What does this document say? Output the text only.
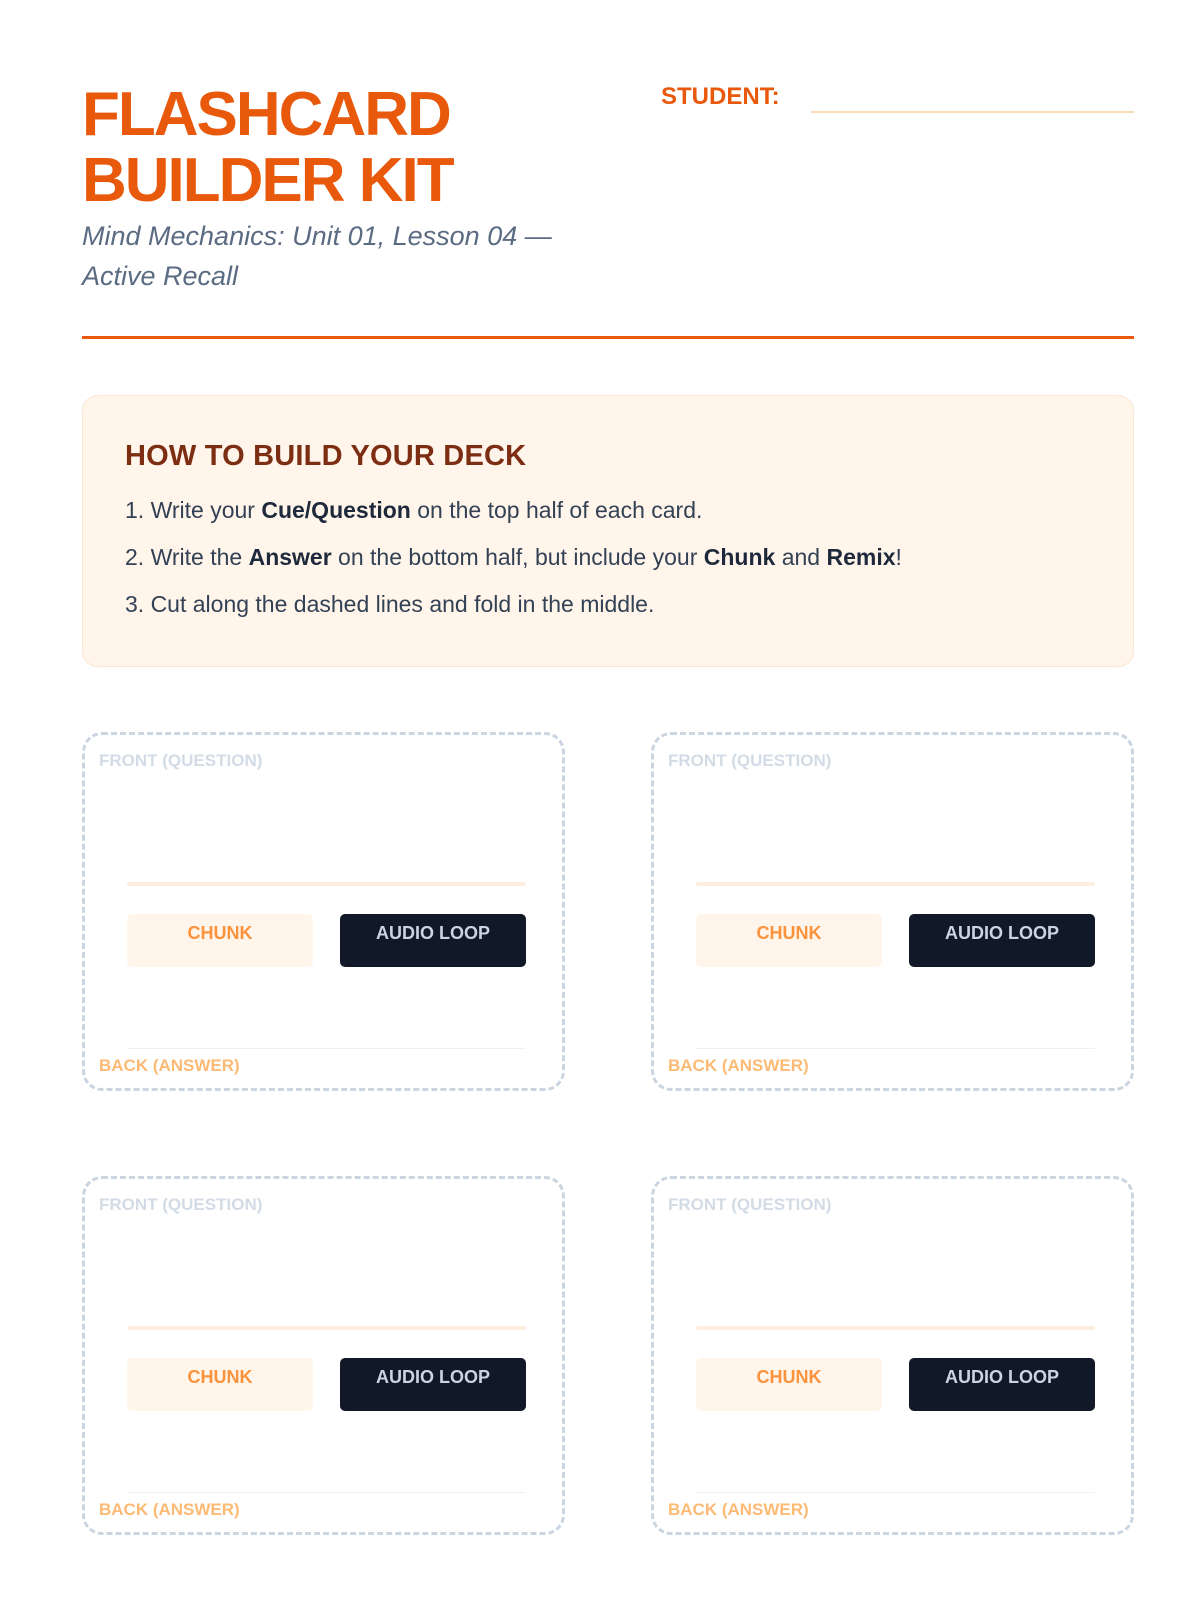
FLASHCARD
BUILDER KIT
Mind Mechanics: Unit 01, Lesson 04 —
Active Recall
STUDENT:
HOW TO BUILD YOUR DECK
1. Write your Cue/Question on the top half of each card.
2. Write the Answer on the bottom half, but include your Chunk and Remix!
3. Cut along the dashed lines and fold in the middle.
FRONT (QUESTION)
CHUNK	AUDIO LOOP
BACK (ANSWER)
FRONT (QUESTION)
CHUNK	AUDIO LOOP
BACK (ANSWER)
FRONT (QUESTION)
CHUNK	AUDIO LOOP
BACK (ANSWER)
FRONT (QUESTION)
CHUNK	AUDIO LOOP
BACK (ANSWER)
